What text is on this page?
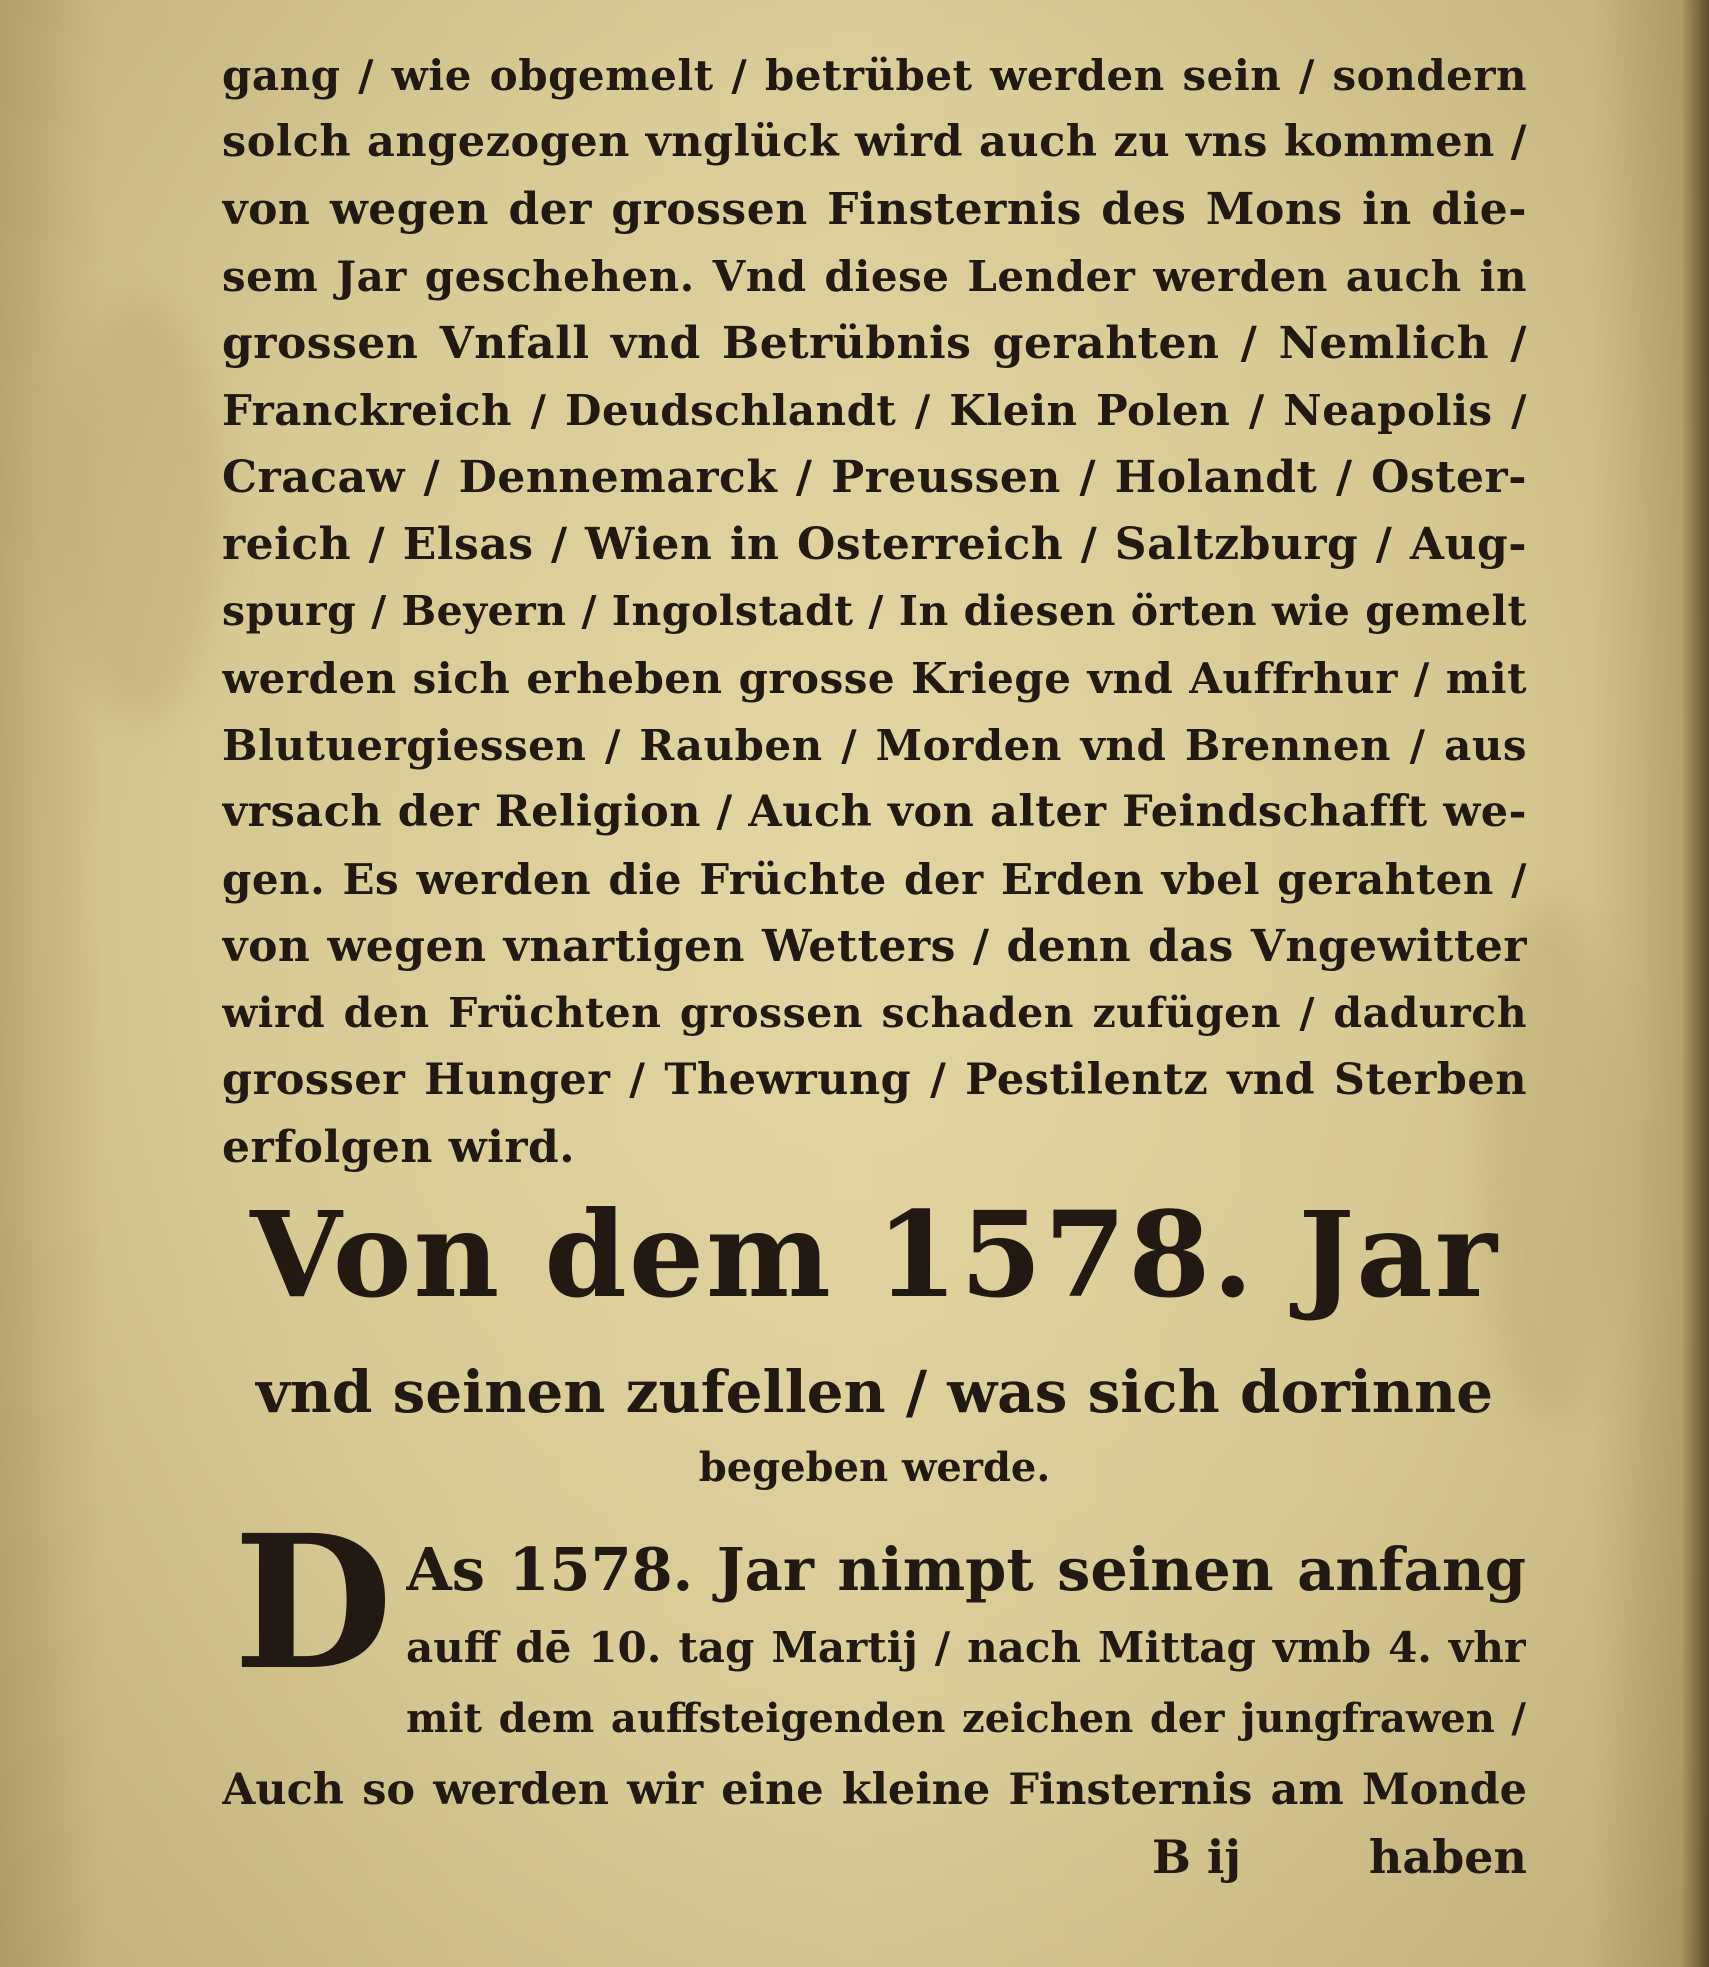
gang / wie obgemelt / betrübet werden sein / sondern
solch angezogen vnglück wird auch zu vns kommen /
von wegen der grossen Finsternis des Mons in die-
sem Jar geschehen. Vnd diese Lender werden auch in
grossen Vnfall vnd Betrübnis gerahten / Nemlich /
Franckreich / Deudschlandt / Klein Polen / Neapolis /
Cracaw / Dennemarck / Preussen / Holandt / Oster-
reich / Elsas / Wien in Osterreich / Saltzburg / Aug-
spurg / Beyern / Ingolstadt / In diesen örten wie gemelt
werden sich erheben grosse Kriege vnd Auffrhur / mit
Blutuergiessen / Rauben / Morden vnd Brennen / aus
vrsach der Religion / Auch von alter Feindschafft we-
gen. Es werden die Früchte der Erden vbel gerahten /
von wegen vnartigen Wetters / denn das Vngewitter
wird den Früchten grossen schaden zufügen / dadurch
grosser Hunger / Thewrung / Pestilentz vnd Sterben
erfolgen wird.
Von dem 1578. Jar
vnd seinen zufellen / was sich dorinne
begeben werde.
D As 1578. Jar nimpt seinen anfang

auff dē 10. tag Martij / nach Mittag vmb 4. vhr

mit dem auffsteigenden zeichen der jungfrawen /

Auch so werden wir eine kleine Finsternis am Monde

B ij	haben
